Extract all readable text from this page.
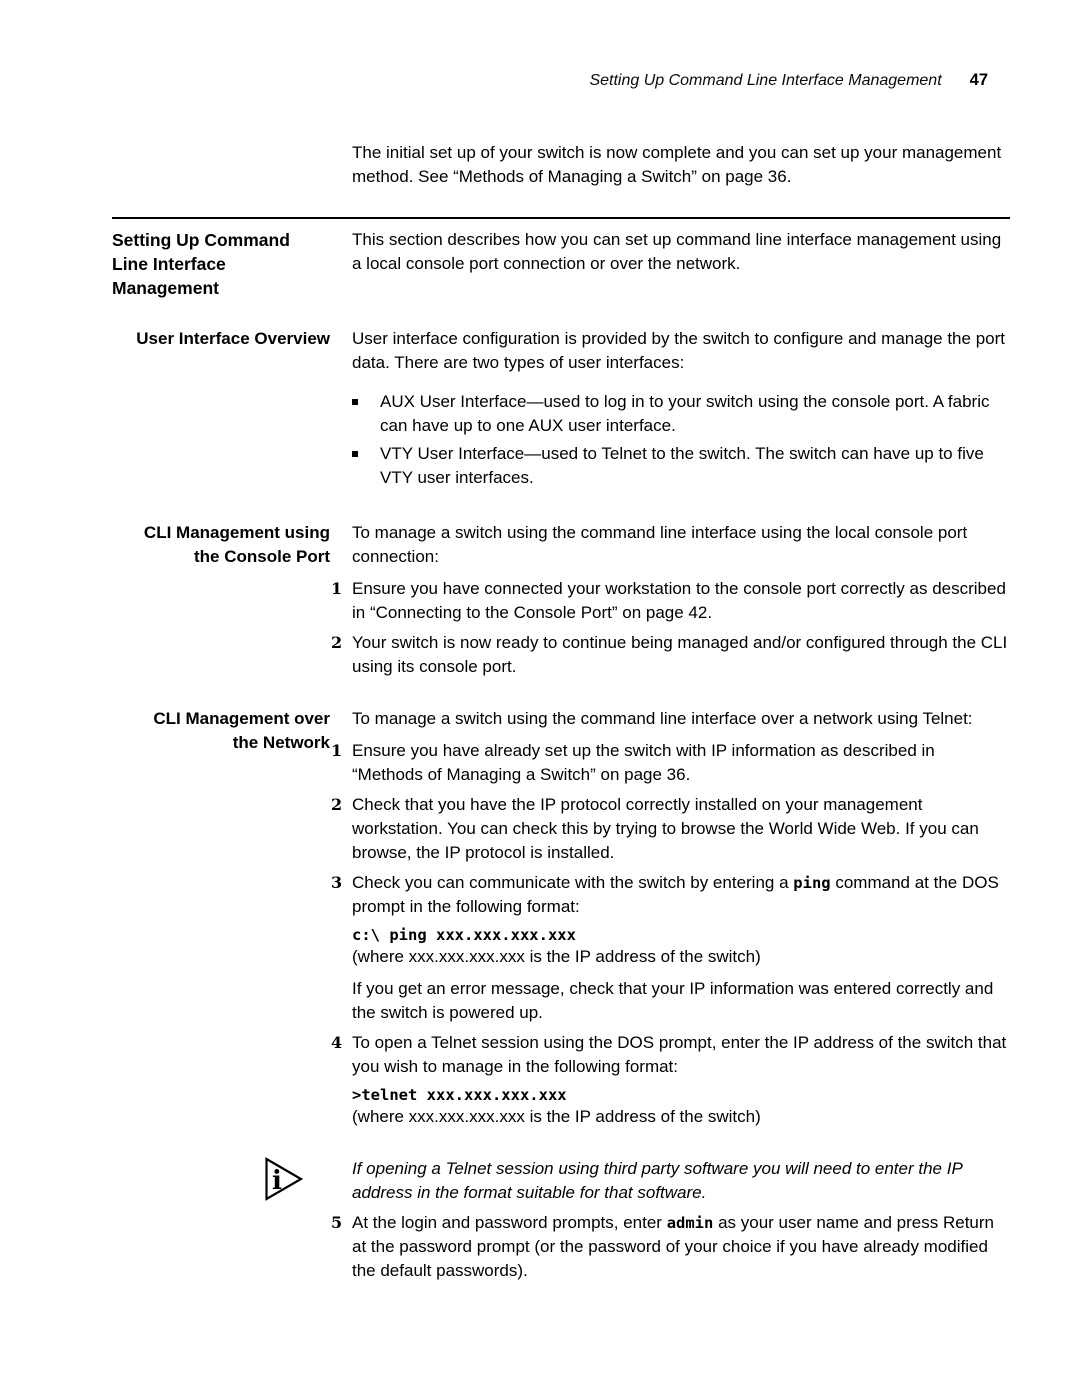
Setting Up Command Line Interface Management 47

The initial set up of your switch is now complete and you can set up your management method. See “Methods of Managing a Switch” on page 36.

Setting Up Command
Line Interface
Management

This section describes how you can set up command line interface management using a local console port connection or over the network.

User Interface Overview	User interface configuration is provided by the switch to configure and manage the port data. There are two types of user interfaces:

AUX User Interface—used to log in to your switch using the console port. A fabric can have up to one AUX user interface.
VTY User Interface—used to Telnet to the switch. The switch can have up to five VTY user interfaces.
CLI Management using
the Console Port

To manage a switch using the command line interface using the local console port connection:

1 Ensure you have connected your workstation to the console port correctly as described in “Connecting to the Console Port” on page 42.
2 Your switch is now ready to continue being managed and/or configured through the CLI using its console port.
CLI Management over
the Network

To manage a switch using the command line interface over a network using Telnet:

1 Ensure you have already set up the switch with IP information as described in “Methods of Managing a Switch” on page 36.
2 Check that you have the IP protocol correctly installed on your management workstation. You can check this by trying to browse the World Wide Web. If you can browse, the IP protocol is installed.
3 Check you can communicate with the switch by entering a ping command at the DOS prompt in the following format:
c:\ ping xxx.xxx.xxx.xxx
(where xxx.xxx.xxx.xxx is the IP address of the switch)

If you get an error message, check that your IP information was entered correctly and the switch is powered up.

4 To open a Telnet session using the DOS prompt, enter the IP address of the switch that you wish to manage in the following format:
>telnet xxx.xxx.xxx.xxx
(where xxx.xxx.xxx.xxx is the IP address of the switch)
i	If opening a Telnet session using third party software you will need to enter the IP address in the format suitable for that software.

5 At the login and password prompts, enter admin as your user name and press Return at the password prompt (or the password of your choice if you have already modified the default passwords).
